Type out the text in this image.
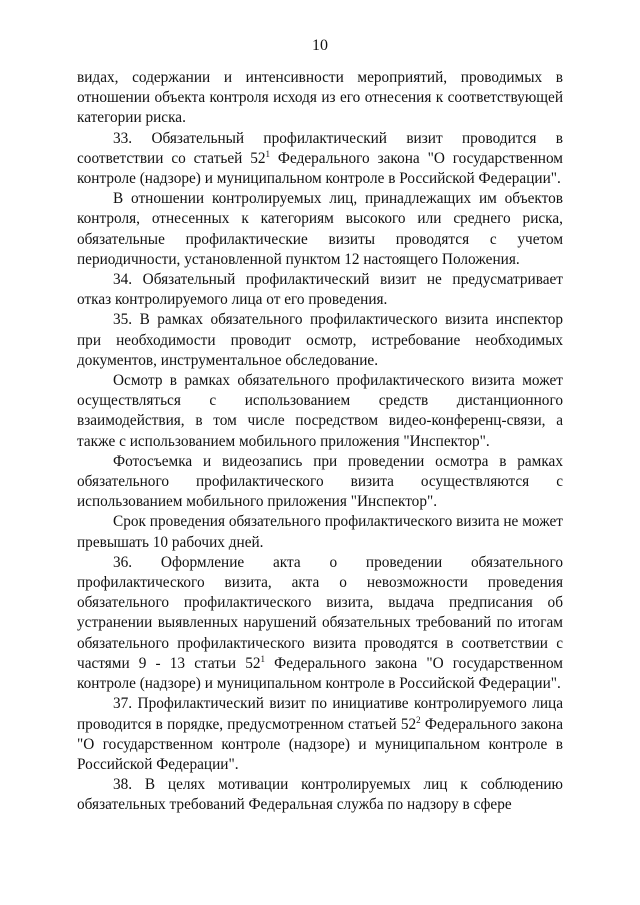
10

видах, содержании и интенсивности мероприятий, проводимых в отношении объекта контроля исходя из его отнесения к соответствующей категории риска.

33. Обязательный профилактический визит проводится в соответствии со статьей $52^1$ Федерального закона "О государственном контроле (надзоре) и муниципальном контроле в Российской Федерации".

В отношении контролируемых лиц, принадлежащих им объектов контроля, отнесенных к категориям высокого или среднего риска, обязательные профилактические визиты проводятся с учетом периодичности, установленной пунктом 12 настоящего Положения.

34. Обязательный профилактический визит не предусматривает отказ контролируемого лица от его проведения.

35. В рамках обязательного профилактического визита инспектор при необходимости проводит осмотр, истребование необходимых документов, инструментальное обследование.

Осмотр в рамках обязательного профилактического визита может осуществляться с использованием средств дистанционного взаимодействия, в том числе посредством видео-конференц-связи, а также с использованием мобильного приложения "Инспектор".

Фотосъемка и видеозапись при проведении осмотра в рамках обязательного профилактического визита осуществляются с использованием мобильного приложения "Инспектор".

Срок проведения обязательного профилактического визита не может превышать 10 рабочих дней.

36. Оформление акта о проведении обязательного профилактического визита, акта о невозможности проведения обязательного профилактического визита, выдача предписания об устранении выявленных нарушений обязательных требований по итогам обязательного профилактического визита проводятся в соответствии с частями 9 - 13 статьи $52^1$ Федерального закона "О государственном контроле (надзоре) и муниципальном контроле в Российской Федерации".

37. Профилактический визит по инициативе контролируемого лица проводится в порядке, предусмотренном статьей $52^2$ Федерального закона "О государственном контроле (надзоре) и муниципальном контроле в Российской Федерации".

38. В целях мотивации контролируемых лиц к соблюдению обязательных требований Федеральная служба по надзору в сфере
